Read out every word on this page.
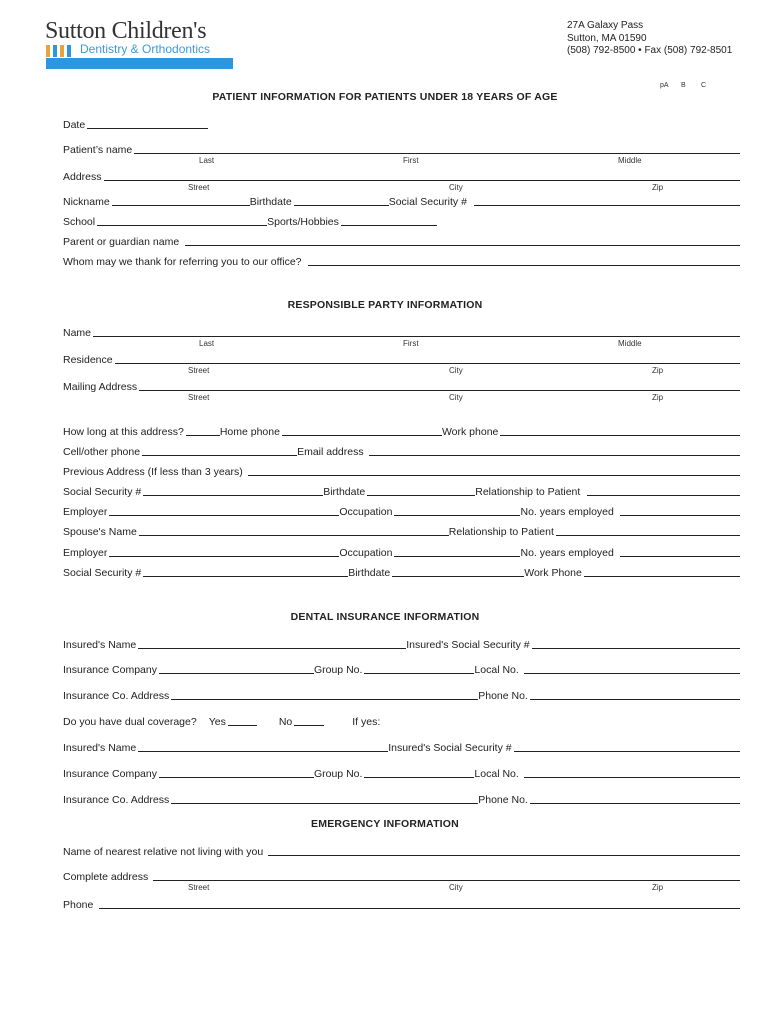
Sutton Children's
Dentistry & Orthodontics
27A Galaxy Pass
Sutton, MA 01590
(508) 792-8500 • Fax (508) 792-8501
pA B C
PATIENT INFORMATION FOR PATIENTS UNDER 18 YEARS OF AGE
Date
Patient’s name
Last	First	Middle
Address
Street	City	Zip
Nickname	Birthdate	Social Security #
School	Sports/Hobbies
Parent or guardian name
Whom may we thank for referring you to our office?
RESPONSIBLE PARTY INFORMATION
Name
Last	First	Middle
Residence
Street	City	Zip
Mailing Address
Street	City	Zip
How long at this address?	Home phone	Work phone
Cell/other phone	Email address
Previous Address (If less than 3 years)
Social Security #	Birthdate	Relationship to Patient
Employer	Occupation	No. years employed
Spouse's Name	Relationship to Patient
Employer	Occupation	No. years employed
Social Security #	Birthdate	Work Phone
DENTAL INSURANCE INFORMATION
Insured's Name	Insured's Social Security #
Insurance Company	Group No.	Local No.
Insurance Co. Address	Phone No.
Do you have dual coverage? Yes	No	If yes:
Insured's Name	Insured's Social Security #
Insurance Company	Group No.	Local No.
Insurance Co. Address	Phone No.
EMERGENCY INFORMATION
Name of nearest relative not living with you
Complete address
Street	City	Zip
Phone
